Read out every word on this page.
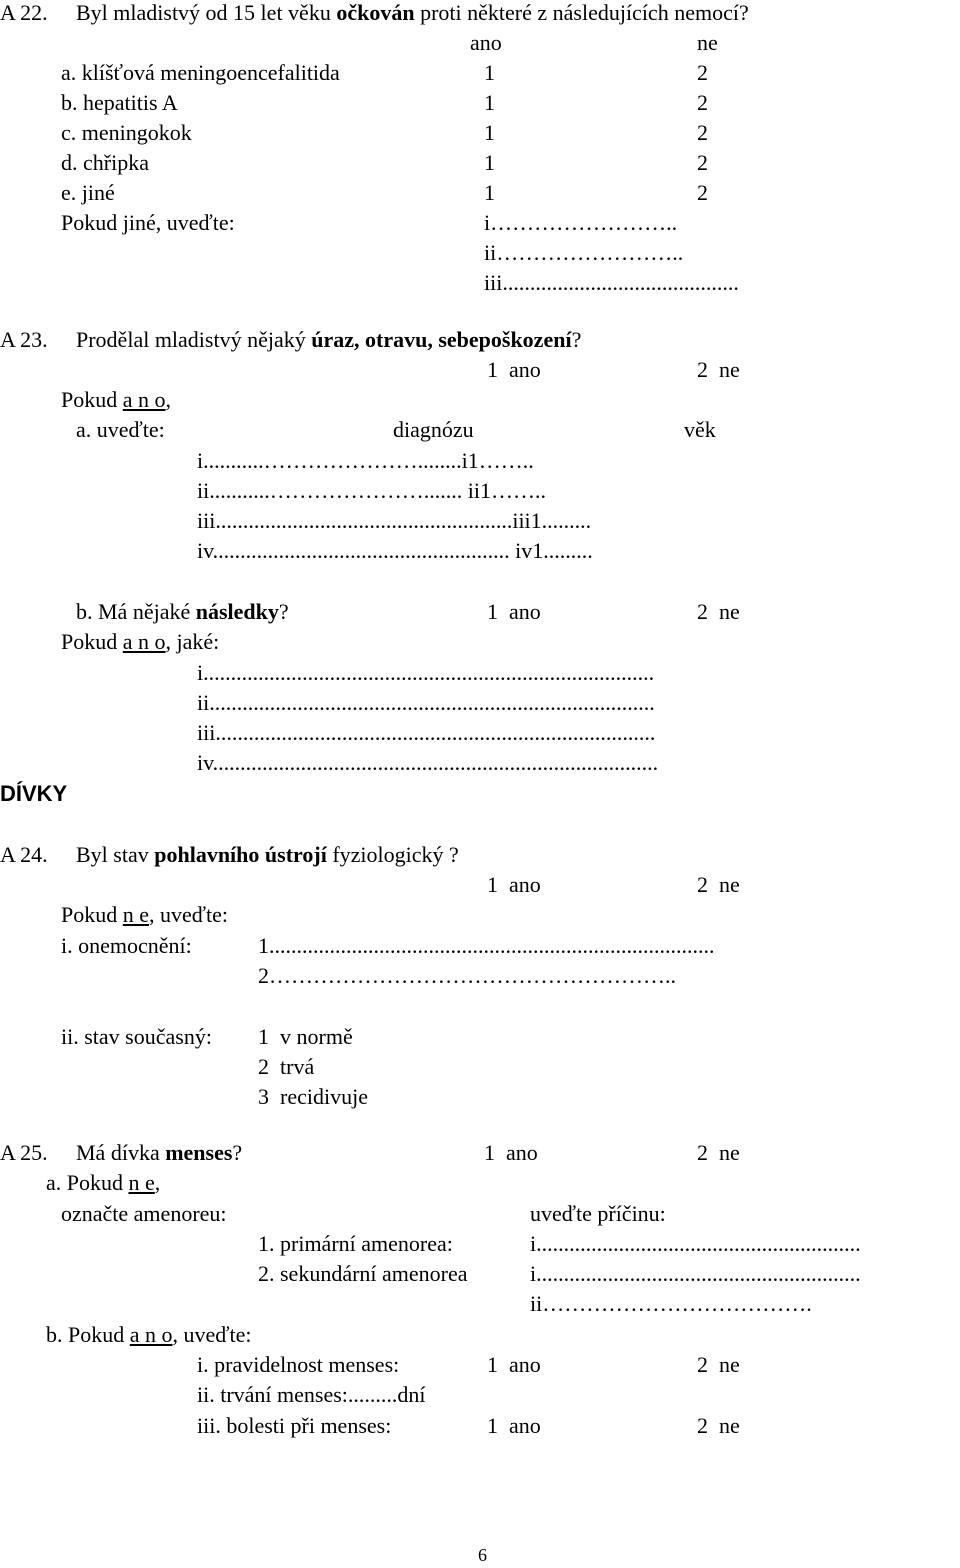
A 22. Byl mladistvý od 15 let věku očkován proti některé z následujících nemocí?
ano	ne
a. klíšťová meningoencefalitida	1	2
b. hepatitis A	1	2
c. meningokok	1	2
d. chřipka	1	2
e. jiné	1	2
Pokud jiné, uveďte:	i……………………..
ii……………………..
iii...........................................
A 23. Prodělal mladistvý nějaký úraz, otravu, sebepoškození?
1  ano	2  ne
Pokud a n o,
a. uveďte:	diagnózu	věk
i...........…………………........i1……..
ii...........…………………....... ii1……..
iii......................................................iii1.........
iv...................................................... iv1.........
b. Má nějaké následky?	1  ano	2  ne
Pokud a n o, jaké:
i..................................................................................
ii.................................................................................
iii................................................................................
iv.................................................................................
DÍVKY
A 24. Byl stav pohlavního ústrojí fyziologický ?
1  ano	2  ne
Pokud n e, uveďte:
i. onemocnění:	1.................................................................................
2………………………………………………..
ii. stav současný: 1  v normě
2  trvá
3  recidivuje
A 25. Má dívka menses?	1  ano	2  ne
a. Pokud n e,
označte amenoreu:	uveďte příčinu:
1. primární amenorea:	i...........................................................
2. sekundární amenorea	i...........................................................
ii……………………………….
b. Pokud a n o, uveďte:
i. pravidelnost menses:	1  ano	2  ne
ii. trvání menses:.........dní
iii. bolesti při menses:	1  ano	2  ne
6
